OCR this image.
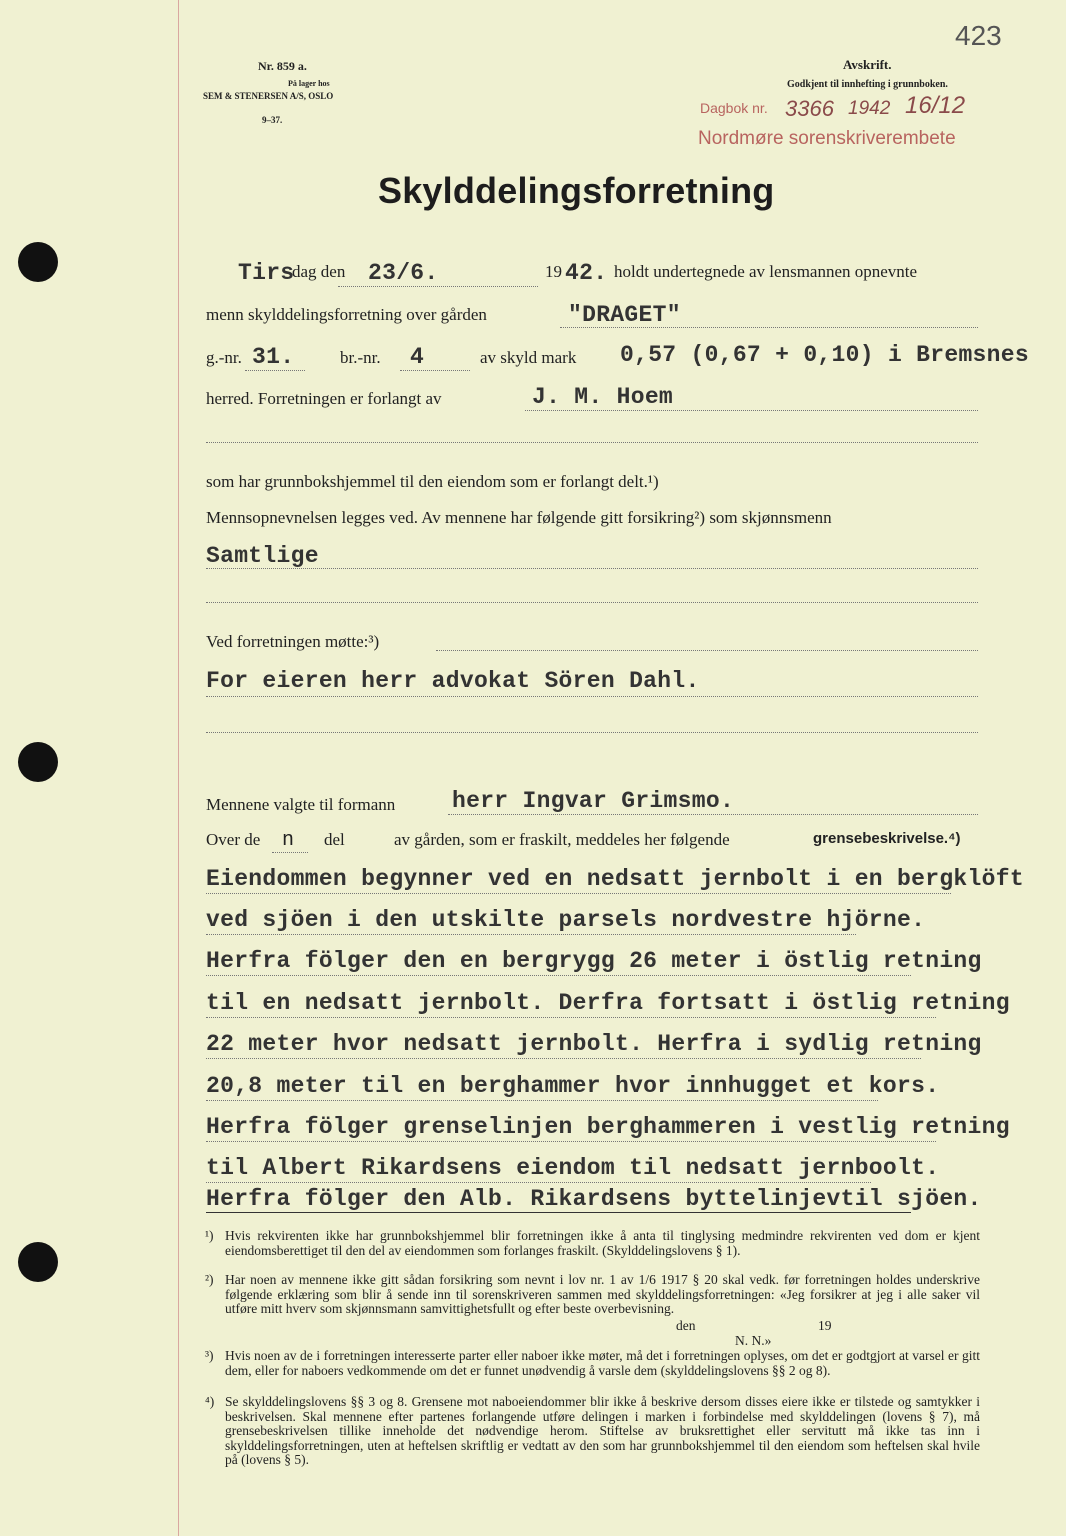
423
Nr. 859 a.
På lager hos
SEM & STENERSEN A/S, OSLO
9–37.
Avskrift.
Godkjent til innhefting i grunnboken.
Dagbok nr. 3366 1942 16/12
Nordmøre sorenskriverembete
Skylddelingsforretning
Tirs
dag den 23/6.	19 42. holdt undertegnede av lensmannen opnevnte
menn skylddelingsforretning over gården	"DRAGET"
g.-nr. 31.	br.-nr. 4	av skyld mark 0,57 (0,67 + 0,10) i Bremsnes
herred. Forretningen er forlangt av	J. M. Hoem
som har grunnbokshjemmel til den eiendom som er forlangt delt.¹)
Mennsopnevnelsen legges ved. Av mennene har følgende gitt forsikring²) som skjønnsmenn
Samtlige
Ved forretningen møtte:³)
For eieren herr advokat Sören Dahl.
Mennene valgte til formann herr Ingvar Grimsmo.
Over de n del	av gården, som er fraskilt, meddeles her følgende	grensebeskrivelse.⁴)
Eiendommen begynner ved en nedsatt jernbolt i en bergklöft
ved sjöen i den utskilte parsels nordvestre hjörne.
Herfra fölger den en bergrygg 26 meter i östlig retning
til en nedsatt jernbolt. Derfra fortsatt i östlig retning
22 meter hvor nedsatt jernbolt. Herfra i sydlig retning
20,8 meter til en berghammer hvor innhugget et kors.
Herfra fölger grenselinjen berghammeren i vestlig retning
til Albert Rikardsens eiendom til nedsatt jernboolt.
Herfra fölger den Alb. Rikardsens byttelinjevtil sjöen.
¹) Hvis rekvirenten ikke har grunnbokshjemmel blir forretningen ikke å anta til tinglysing medmindre rekvirenten ved dom er kjent eiendomsberettiget til den del av eiendommen som forlanges fraskilt. (Skylddelingslovens § 1).
²) Har noen av mennene ikke gitt sådan forsikring som nevnt i lov nr. 1 av 1/6 1917 § 20 skal vedk. før forretningen holdes underskrive følgende erklæring som blir å sende inn til sorenskriveren sammen med skylddelingsforretningen: «Jeg forsikrer at jeg i alle saker vil utføre mitt hverv som skjønnsmann samvittighetsfullt og efter beste overbevisning.
den	19
N. N.»
³) Hvis noen av de i forretningen interesserte parter eller naboer ikke møter, må det i forretningen oplyses, om det er godtgjort at varsel er gitt dem, eller for naboers vedkommende om det er funnet unødvendig å varsle dem (skylddelingslovens §§ 2 og 8).
⁴) Se skylddelingslovens §§ 3 og 8. Grensene mot naboeiendommer blir ikke å beskrive dersom disses eiere ikke er tilstede og samtykker i beskrivelsen. Skal mennene efter partenes forlangende utføre delingen i marken i forbindelse med skylddelingen (lovens § 7), må grensebeskrivelsen tillike inneholde det nødvendige herom. Stiftelse av bruksrettighet eller servitutt må ikke tas inn i skylddelingsforretningen, uten at heftelsen skriftlig er vedtatt av den som har grunnbokshjemmel til den eiendom som heftelsen skal hvile på (lovens § 5).
